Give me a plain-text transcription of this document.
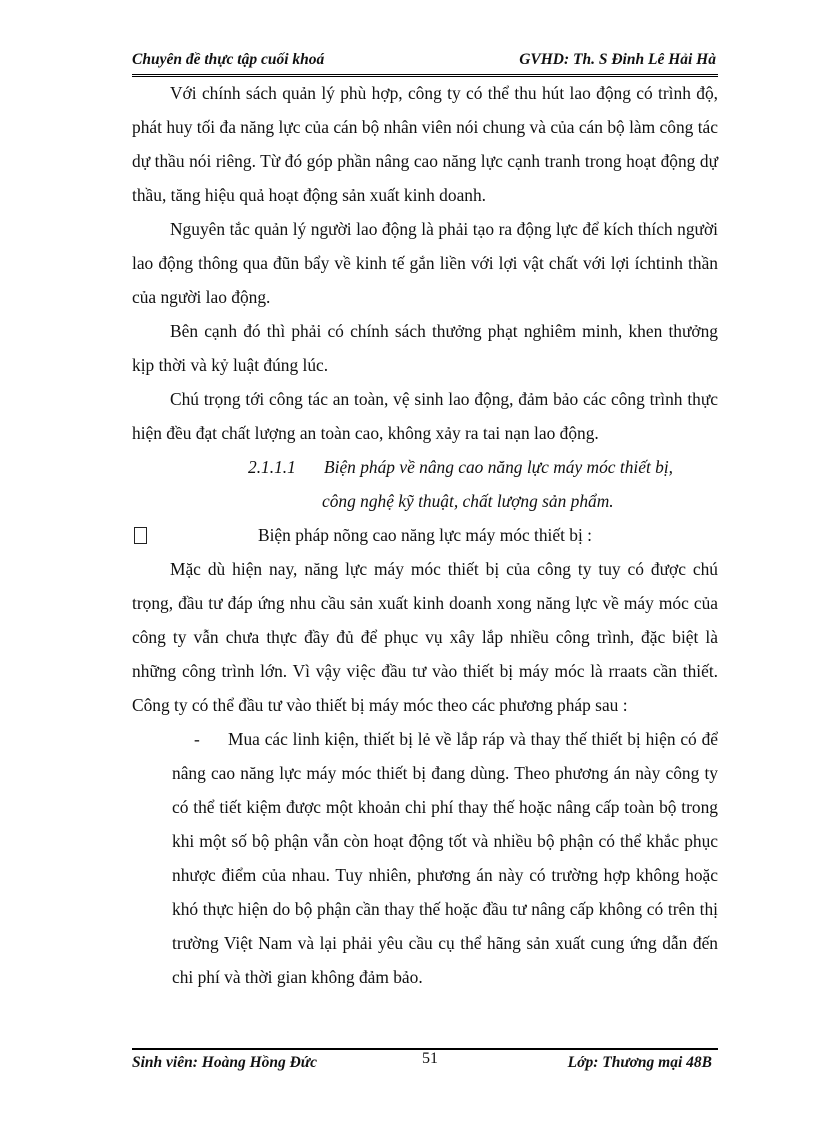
Chuyên đề thực tập cuối khoá	GVHD: Th. S Đinh Lê Hải Hà

Với chính sách quản lý phù hợp, công ty có thể thu hút lao động có trình độ, phát huy tối đa năng lực của cán bộ nhân viên nói chung và của cán bộ làm công tác dự thầu nói riêng. Từ đó góp phần nâng cao năng lực cạnh tranh trong hoạt động dự thầu, tăng hiệu quả hoạt động sản xuất kinh doanh.

Nguyên tắc quản lý người lao động là phải tạo ra động lực để kích thích người lao động thông qua đũn bẩy về kinh tế gắn liền với lợi vật chất với lợi íchtinh thần của người lao động.

Bên cạnh đó thì phải có chính sách thưởng phạt nghiêm minh, khen thưởng kịp thời và kỷ luật đúng lúc.

Chú trọng tới công tác an toàn, vệ sinh lao động, đảm bảo các công trình thực hiện đều đạt chất lượng an toàn cao, không xảy ra tai nạn lao động.

2.1.1.1 Biện pháp về nâng cao năng lực máy móc thiết bị,
công nghệ kỹ thuật, chất lượng sản phẩm.
Biện pháp nõng cao năng lực máy móc thiết bị :

Mặc dù hiện nay, năng lực máy móc thiết bị của công ty tuy có được chú trọng, đầu tư đáp ứng nhu cầu sản xuất kinh doanh xong năng lực về máy móc của công ty vẫn chưa thực đầy đủ để phục vụ xây lắp nhiều công trình, đặc biệt là những công trình lớn. Vì vậy việc đầu tư vào thiết bị máy móc là rraats cần thiết. Công ty có thể đầu tư vào thiết bị máy móc theo các phương pháp sau :

-	Mua các linh kiện, thiết bị lẻ về lắp ráp và thay thế thiết bị hiện có để nâng cao năng lực máy móc thiết bị đang dùng. Theo phương án này công ty có thể tiết kiệm được một khoản chi phí thay thế hoặc nâng cấp toàn bộ trong khi một số bộ phận vẫn còn hoạt động tốt và nhiều bộ phận có thể khắc phục nhược điểm của nhau. Tuy nhiên, phương án này có trường hợp không hoặc khó thực hiện do bộ phận cần thay thế hoặc đầu tư nâng cấp không có trên thị trường Việt Nam và lại phải yêu cầu cụ thể hãng sản xuất cung ứng dẫn đến chi phí và thời gian không đảm bảo.

Sinh viên: Hoàng Hồng Đức	51	Lớp: Thương mại 48B
